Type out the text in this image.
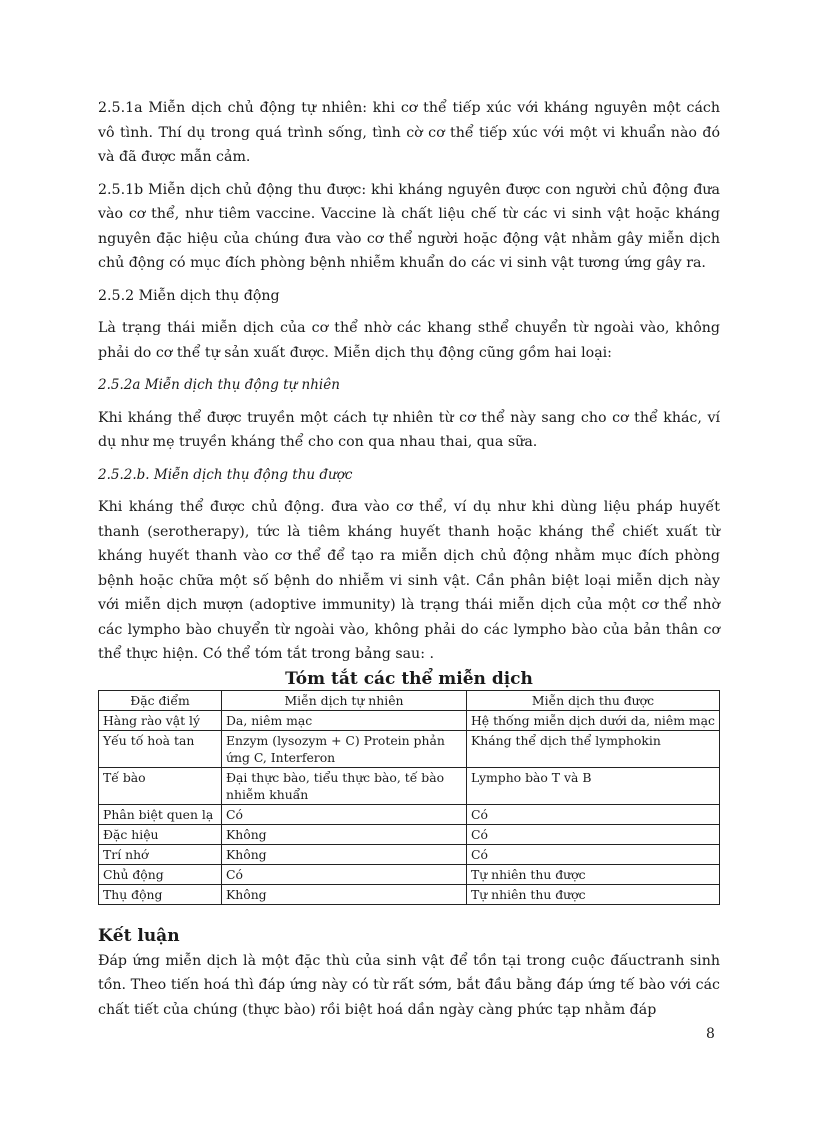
2.5.1a Miễn dịch chủ động tự nhiên: khi cơ thể tiếp xúc với kháng nguyên một cách vô tình. Thí dụ trong quá trình sống, tình cờ cơ thể tiếp xúc với một vi khuẩn nào đó và đã được mẫn cảm.

2.5.1b Miễn dịch chủ động thu được: khi kháng nguyên được con người chủ động đưa vào cơ thể, như tiêm vaccine. Vaccine là chất liệu chế từ các vi sinh vật hoặc kháng nguyên đặc hiệu của chúng đưa vào cơ thể người hoặc động vật nhằm gây miễn dịch chủ động có mục đích phòng bệnh nhiễm khuẩn do các vi sinh vật tương ứng gây ra.

2.5.2 Miễn dịch thụ động

Là trạng thái miễn dịch của cơ thể nhờ các khang sthể chuyển từ ngoài vào, không phải do cơ thể tự sản xuất được. Miễn dịch thụ động cũng gồm hai loại:

2.5.2a Miễn dịch thụ động tự nhiên

Khi kháng thể được truyền một cách tự nhiên từ cơ thể này sang cho cơ thể khác, ví dụ như mẹ truyền kháng thể cho con qua nhau thai, qua sữa.

2.5.2.b. Miễn dịch thụ động thu được

Khi kháng thể được chủ động. đưa vào cơ thể, ví dụ như khi dùng liệu pháp huyết thanh (serotherapy), tức là tiêm kháng huyết thanh hoặc kháng thể chiết xuất từ kháng huyết thanh vào cơ thể để tạo ra miễn dịch chủ động nhằm mục đích phòng bệnh hoặc chữa một số bệnh do nhiễm vi sinh vật. Cần phân biệt loại miễn dịch này với miễn dịch mượn (adoptive immunity) là trạng thái miễn dịch của một cơ thể nhờ các lympho bào chuyển từ ngoài vào, không phải do các lympho bào của bản thân cơ thể thực hiện. Có thể tóm tắt trong bảng sau: .

Tóm tắt các thể miễn dịch
Đặc điểm	Miễn dịch tự nhiên	Miễn dịch thu được
Hàng rào vật lý	Da, niêm mạc	Hệ thống miễn dịch dưới da, niêm mạc
Yếu tố hoà tan	Enzym (lysozym + C) Protein phản ứng C, Interferon	Kháng thể dịch thể lymphokin
Tế bào	Đại thực bào, tiểu thực bào, tế bào nhiễm khuẩn	Lympho bào T và B
Phân biệt quen lạ	Có	Có
Đặc hiệu	Không	Có
Trí nhớ	Không	Có
Chủ động	Có	Tự nhiên thu được
Thụ động	Không	Tự nhiên thu được
Kết luận

Đáp ứng miễn dịch là một đặc thù của sinh vật để tồn tại trong cuộc đấuctranh sinh tồn. Theo tiến hoá thì đáp ứng này có từ rất sớm, bắt đầu bằng đáp ứng tế bào với các chất tiết của chúng (thực bào) rồi biệt hoá dần ngày càng phức tạp nhằm đáp

8
